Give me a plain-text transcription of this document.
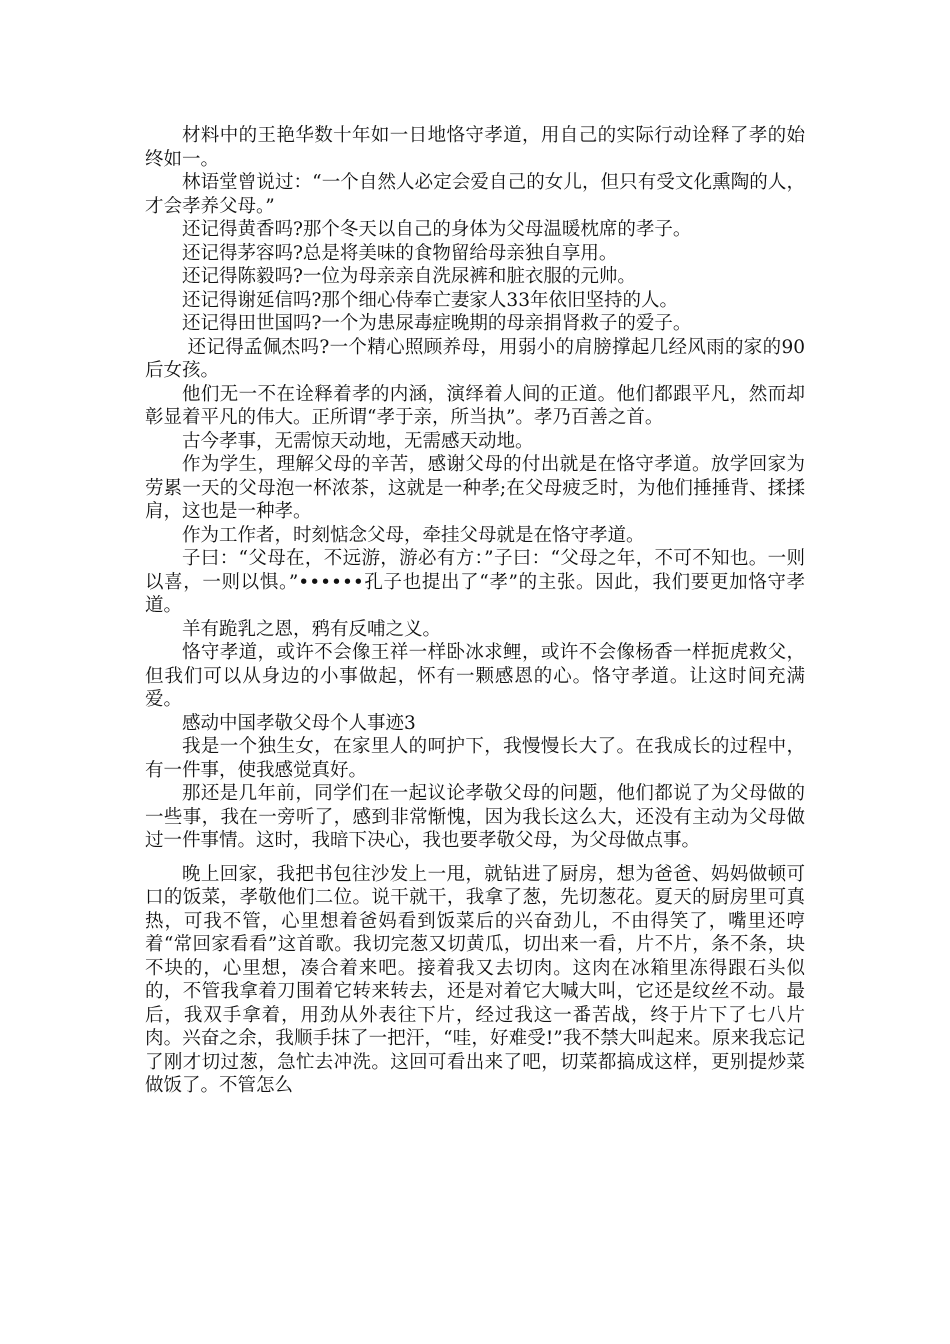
材料中的王艳华数十年如一日地恪守孝道，用自己的实际行动诠释了孝的始终如一。

林语堂曾说过：“一个自然人必定会爱自己的女儿，但只有受文化熏陶的人，才会孝养父母。”

还记得黄香吗?那个冬天以自己的身体为父母温暖枕席的孝子。

还记得茅容吗?总是将美味的食物留给母亲独自享用。

还记得陈毅吗?一位为母亲亲自洗尿裤和脏衣服的元帅。

还记得谢延信吗?那个细心侍奉亡妻家人33年依旧坚持的人。

还记得田世国吗?一个为患尿毒症晚期的母亲捐肾救子的爱子。

还记得孟佩杰吗?一个精心照顾养母，用弱小的肩膀撑起几经风雨的家的90后女孩。

他们无一不在诠释着孝的内涵，演绎着人间的正道。他们都跟平凡，然而却彰显着平凡的伟大。正所谓“孝于亲，所当执”。孝乃百善之首。

古今孝事，无需惊天动地，无需感天动地。

作为学生，理解父母的辛苦，感谢父母的付出就是在恪守孝道。放学回家为劳累一天的父母泡一杯浓茶，这就是一种孝;在父母疲乏时，为他们捶捶背、揉揉肩，这也是一种孝。

作为工作者，时刻惦念父母，牵挂父母就是在恪守孝道。

子曰：“父母在，不远游，游必有方：”子曰：“父母之年，不可不知也。一则以喜，一则以惧。”••••••孔子也提出了“孝”的主张。因此，我们要更加恪守孝道。

羊有跪乳之恩，鸦有反哺之义。

恪守孝道，或许不会像王祥一样卧冰求鲤，或许不会像杨香一样扼虎救父，但我们可以从身边的小事做起，怀有一颗感恩的心。恪守孝道。让这时间充满爱。

感动中国孝敬父母个人事迹3

我是一个独生女，在家里人的呵护下，我慢慢长大了。在我成长的过程中，有一件事，使我感觉真好。

那还是几年前，同学们在一起议论孝敬父母的问题，他们都说了为父母做的一些事，我在一旁听了，感到非常惭愧，因为我长这么大，还没有主动为父母做过一件事情。这时，我暗下决心，我也要孝敬父母，为父母做点事。

晚上回家，我把书包往沙发上一甩，就钻进了厨房，想为爸爸、妈妈做顿可口的饭菜，孝敬他们二位。说干就干，我拿了葱，先切葱花。夏天的厨房里可真热，可我不管，心里想着爸妈看到饭菜后的兴奋劲儿，不由得笑了，嘴里还哼着“常回家看看”这首歌。我切完葱又切黄瓜，切出来一看，片不片，条不条，块不块的，心里想，凑合着来吧。接着我又去切肉。这肉在冰箱里冻得跟石头似的，不管我拿着刀围着它转来转去，还是对着它大喊大叫，它还是纹丝不动。最后，我双手拿着，用劲从外表往下片，经过我这一番苦战，终于片下了七八片肉。兴奋之余，我顺手抹了一把汗，“哇，好难受!”我不禁大叫起来。原来我忘记了刚才切过葱，急忙去冲洗。这回可看出来了吧，切菜都搞成这样，更别提炒菜做饭了。不管怎么
